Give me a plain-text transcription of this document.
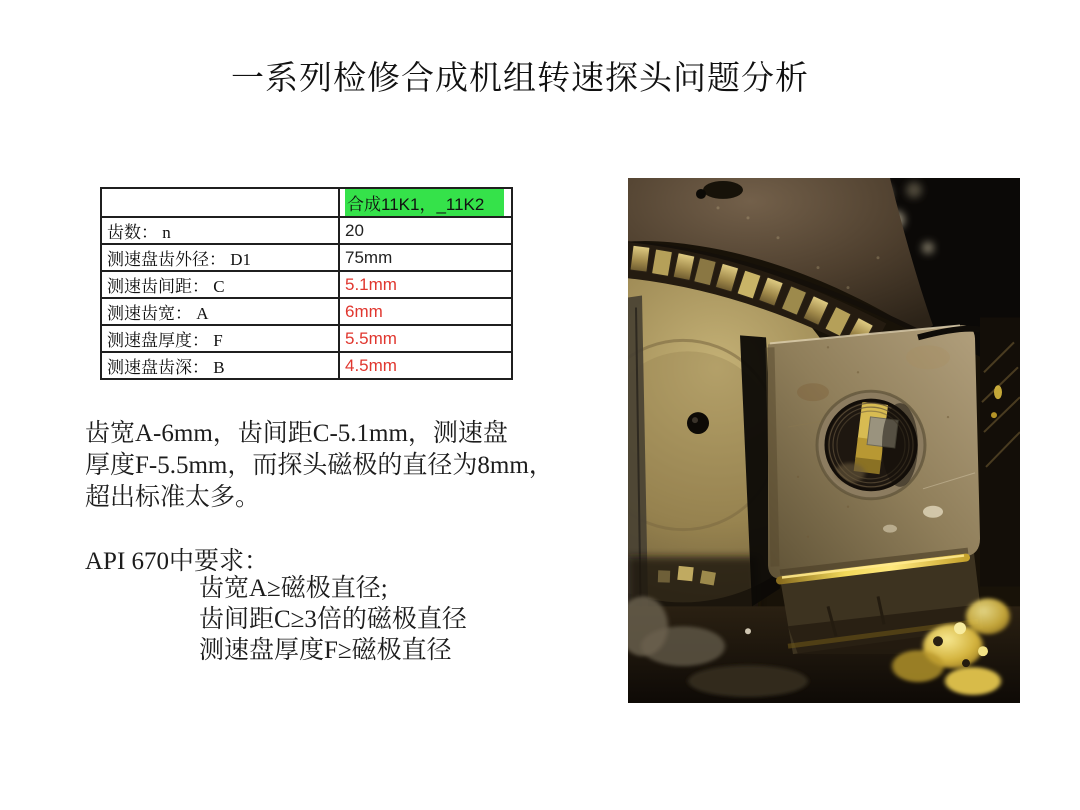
一系列检修合成机组转速探头问题分析
	合成11K1，_11K2
齿数： n	20
测速盘齿外径： D1	75mm
测速齿间距： C	5.1mm
测速齿宽： A	6mm
测速盘厚度： F	5.5mm
测速盘齿深： B	4.5mm
齿宽A-6mm，齿间距C-5.1mm，测速盘
厚度F-5.5mm，而探头磁极的直径为8mm，
超出标准太多。
API 670中要求：
齿宽A≥磁极直径;
齿间距C≥3倍的磁极直径
测速盘厚度F≥磁极直径
